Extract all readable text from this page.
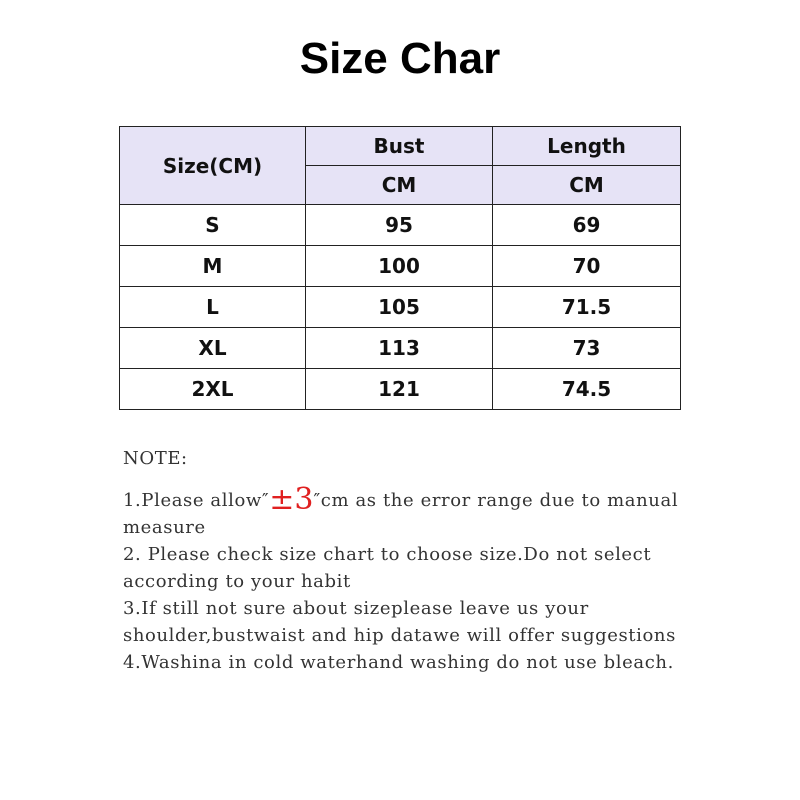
Size Char
Size(CM)	Bust	Length
	CM	CM
S	95	69
M	100	70
L	105	71.5
XL	113	73
2XL	121	74.5

NOTE:

1.Please allow″±3″cm as the error range due to manual measure

2. Please check size chart to choose size.Do not select according to your habit

3.If still not sure about sizeplease leave us your shoulder,bustwaist and hip datawe will offer suggestions

4.Washina in cold waterhand washing do not use bleach.
